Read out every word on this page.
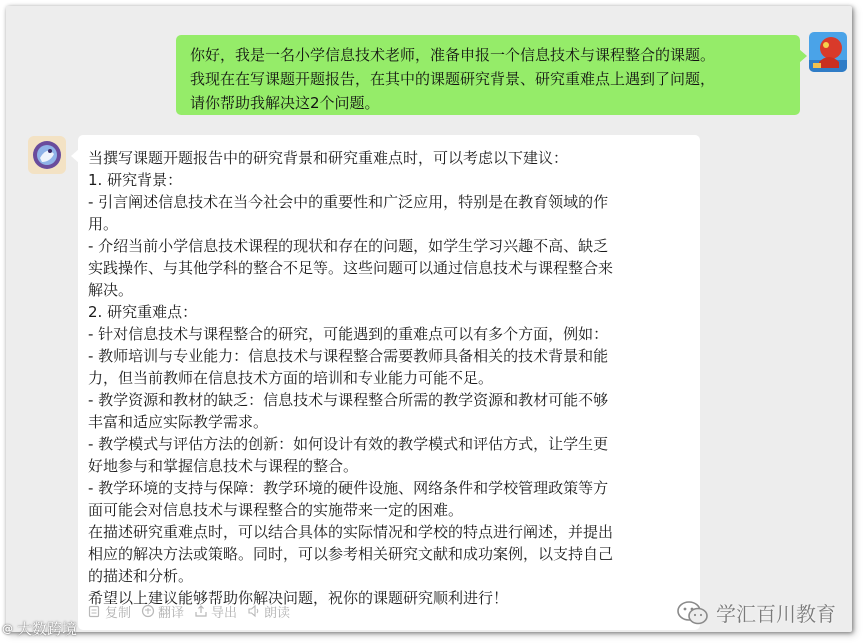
你好，我是一名小学信息技术老师，准备申报一个信息技术与课程整合的课题。
我现在在写课题开题报告，在其中的课题研究背景、研究重难点上遇到了问题，
请你帮助我解决这2个问题。
当撰写课题开题报告中的研究背景和研究重难点时，可以考虑以下建议：
1. 研究背景：
- 引言阐述信息技术在当今社会中的重要性和广泛应用，特别是在教育领域的作
用。
- 介绍当前小学信息技术课程的现状和存在的问题，如学生学习兴趣不高、缺乏
实践操作、与其他学科的整合不足等。这些问题可以通过信息技术与课程整合来
解决。
2. 研究重难点：
- 针对信息技术与课程整合的研究，可能遇到的重难点可以有多个方面，例如：
- 教师培训与专业能力：信息技术与课程整合需要教师具备相关的技术背景和能
力，但当前教师在信息技术方面的培训和专业能力可能不足。
- 教学资源和教材的缺乏：信息技术与课程整合所需的教学资源和教材可能不够
丰富和适应实际教学需求。
- 教学模式与评估方法的创新：如何设计有效的教学模式和评估方式，让学生更
好地参与和掌握信息技术与课程的整合。
- 教学环境的支持与保障：教学环境的硬件设施、网络条件和学校管理政策等方
面可能会对信息技术与课程整合的实施带来一定的困难。
在描述研究重难点时，可以结合具体的实际情况和学校的特点进行阐述，并提出
相应的解决方法或策略。同时，可以参考相关研究文献和成功案例，以支持自己
的描述和分析。
希望以上建议能够帮助你解决问题，祝你的课题研究顺利进行！
复制 翻译 导出 朗读	学汇百川教育
@ 大数跨境
